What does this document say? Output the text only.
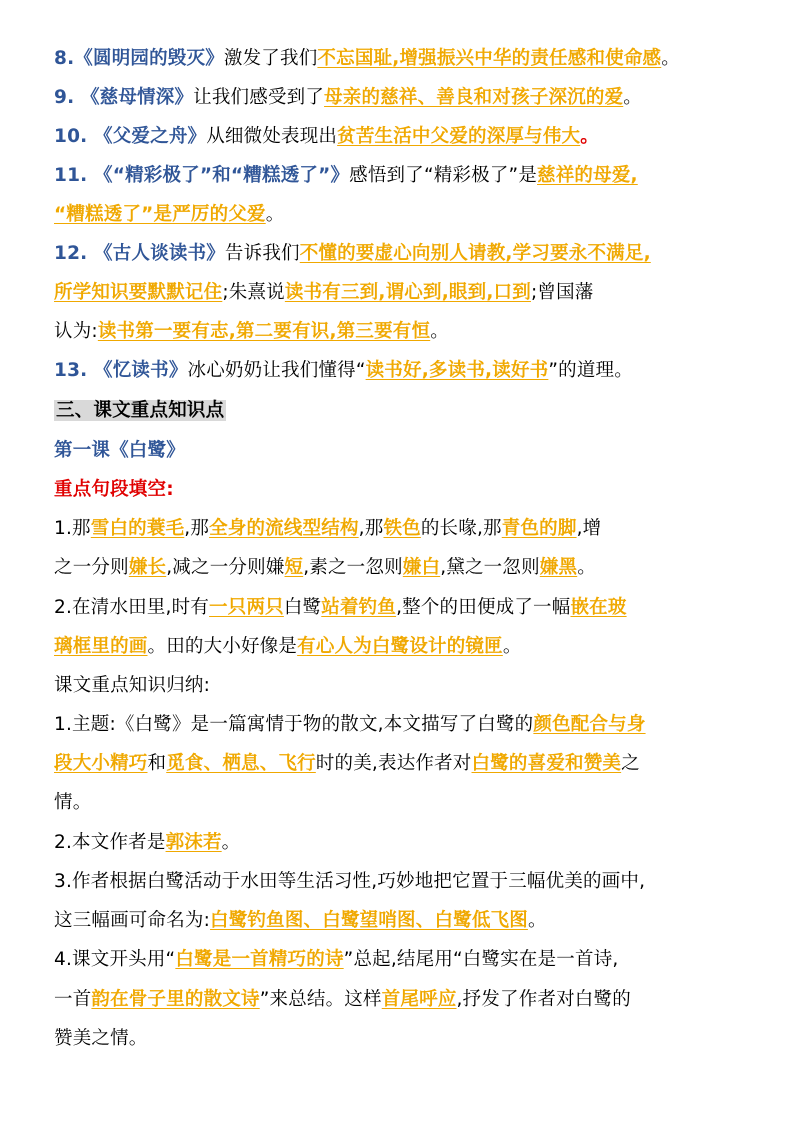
8.《圆明园的毁灭》激发了我们不忘国耻,增强振兴中华的责任感和使命感。
9. 《慈母情深》让我们感受到了母亲的慈祥、善良和对孩子深沉的爱。
10. 《父爱之舟》从细微处表现出贫苦生活中父爱的深厚与伟大。
11. 《“精彩极了”和“糟糕透了”》感悟到了“精彩极了”是慈祥的母爱,
“糟糕透了”是严厉的父爱。
12. 《古人谈读书》告诉我们不懂的要虚心向别人请教,学习要永不满足,
所学知识要默默记住;朱熹说读书有三到,谓心到,眼到,口到;曾国藩
认为:读书第一要有志,第二要有识,第三要有恒。
13. 《忆读书》冰心奶奶让我们懂得“读书好,多读书,读好书”的道理。
三、课文重点知识点
第一课《白鹭》
重点句段填空:
1.那雪白的蓑毛,那全身的流线型结构,那铁色的长喙,那青色的脚,增
之一分则嫌长,减之一分则嫌短,素之一忽则嫌白,黛之一忽则嫌黑。
2.在清水田里,时有一只两只白鹭站着钓鱼,整个的田便成了一幅嵌在玻
璃框里的画。田的大小好像是有心人为白鹭设计的镜匣。
课文重点知识归纳:
1.主题:《白鹭》是一篇寓情于物的散文,本文描写了白鹭的颜色配合与身
段大小精巧和觅食、栖息、飞行时的美,表达作者对白鹭的喜爱和赞美之
情。
2.本文作者是郭沫若。
3.作者根据白鹭活动于水田等生活习性,巧妙地把它置于三幅优美的画中,
这三幅画可命名为:白鹭钓鱼图、白鹭望哨图、白鹭低飞图。
4.课文开头用“白鹭是一首精巧的诗”总起,结尾用“白鹭实在是一首诗,
一首韵在骨子里的散文诗”来总结。这样首尾呼应,抒发了作者对白鹭的
赞美之情。
